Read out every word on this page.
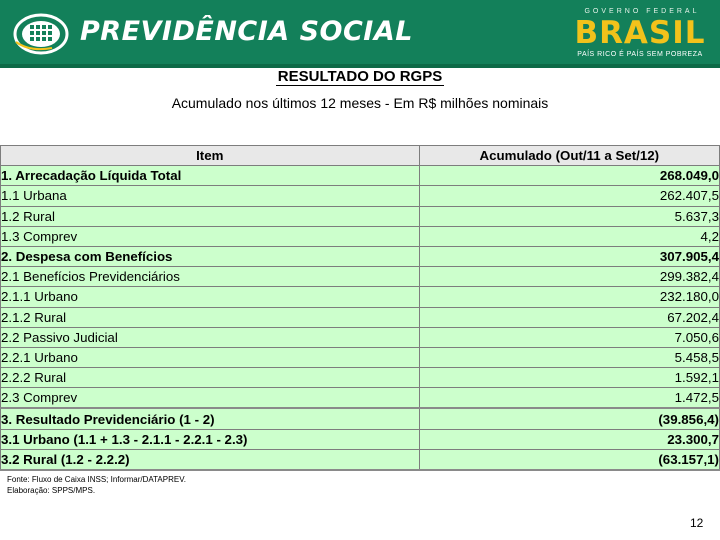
PREVIDÊNCIA SOCIAL
GOVERNO FEDERAL
BRASIL
PAÍS RICO É PAÍS SEM POBREZA
RESULTADO DO RGPS
Acumulado nos últimos 12 meses - Em R$ milhões nominais
Item	Acumulado (Out/11 a Set/12)
1. Arrecadação Líquida Total	268.049,0
1.1 Urbana	262.407,5
1.2 Rural	5.637,3
1.3 Comprev	4,2
2. Despesa com Benefícios	307.905,4
2.1 Benefícios Previdenciários	299.382,4
2.1.1 Urbano	232.180,0
2.1.2 Rural	67.202,4
2.2 Passivo Judicial	7.050,6
2.2.1 Urbano	5.458,5
2.2.2 Rural	1.592,1
2.3 Comprev	1.472,5
3. Resultado Previdenciário (1 - 2)	(39.856,4)
3.1 Urbano (1.1 + 1.3 - 2.1.1 - 2.2.1 - 2.3)	23.300,7
3.2 Rural (1.2 - 2.2.2)	(63.157,1)
Fonte: Fluxo de Caixa INSS; Informar/DATAPREV.
Elaboração: SPPS/MPS.
12
